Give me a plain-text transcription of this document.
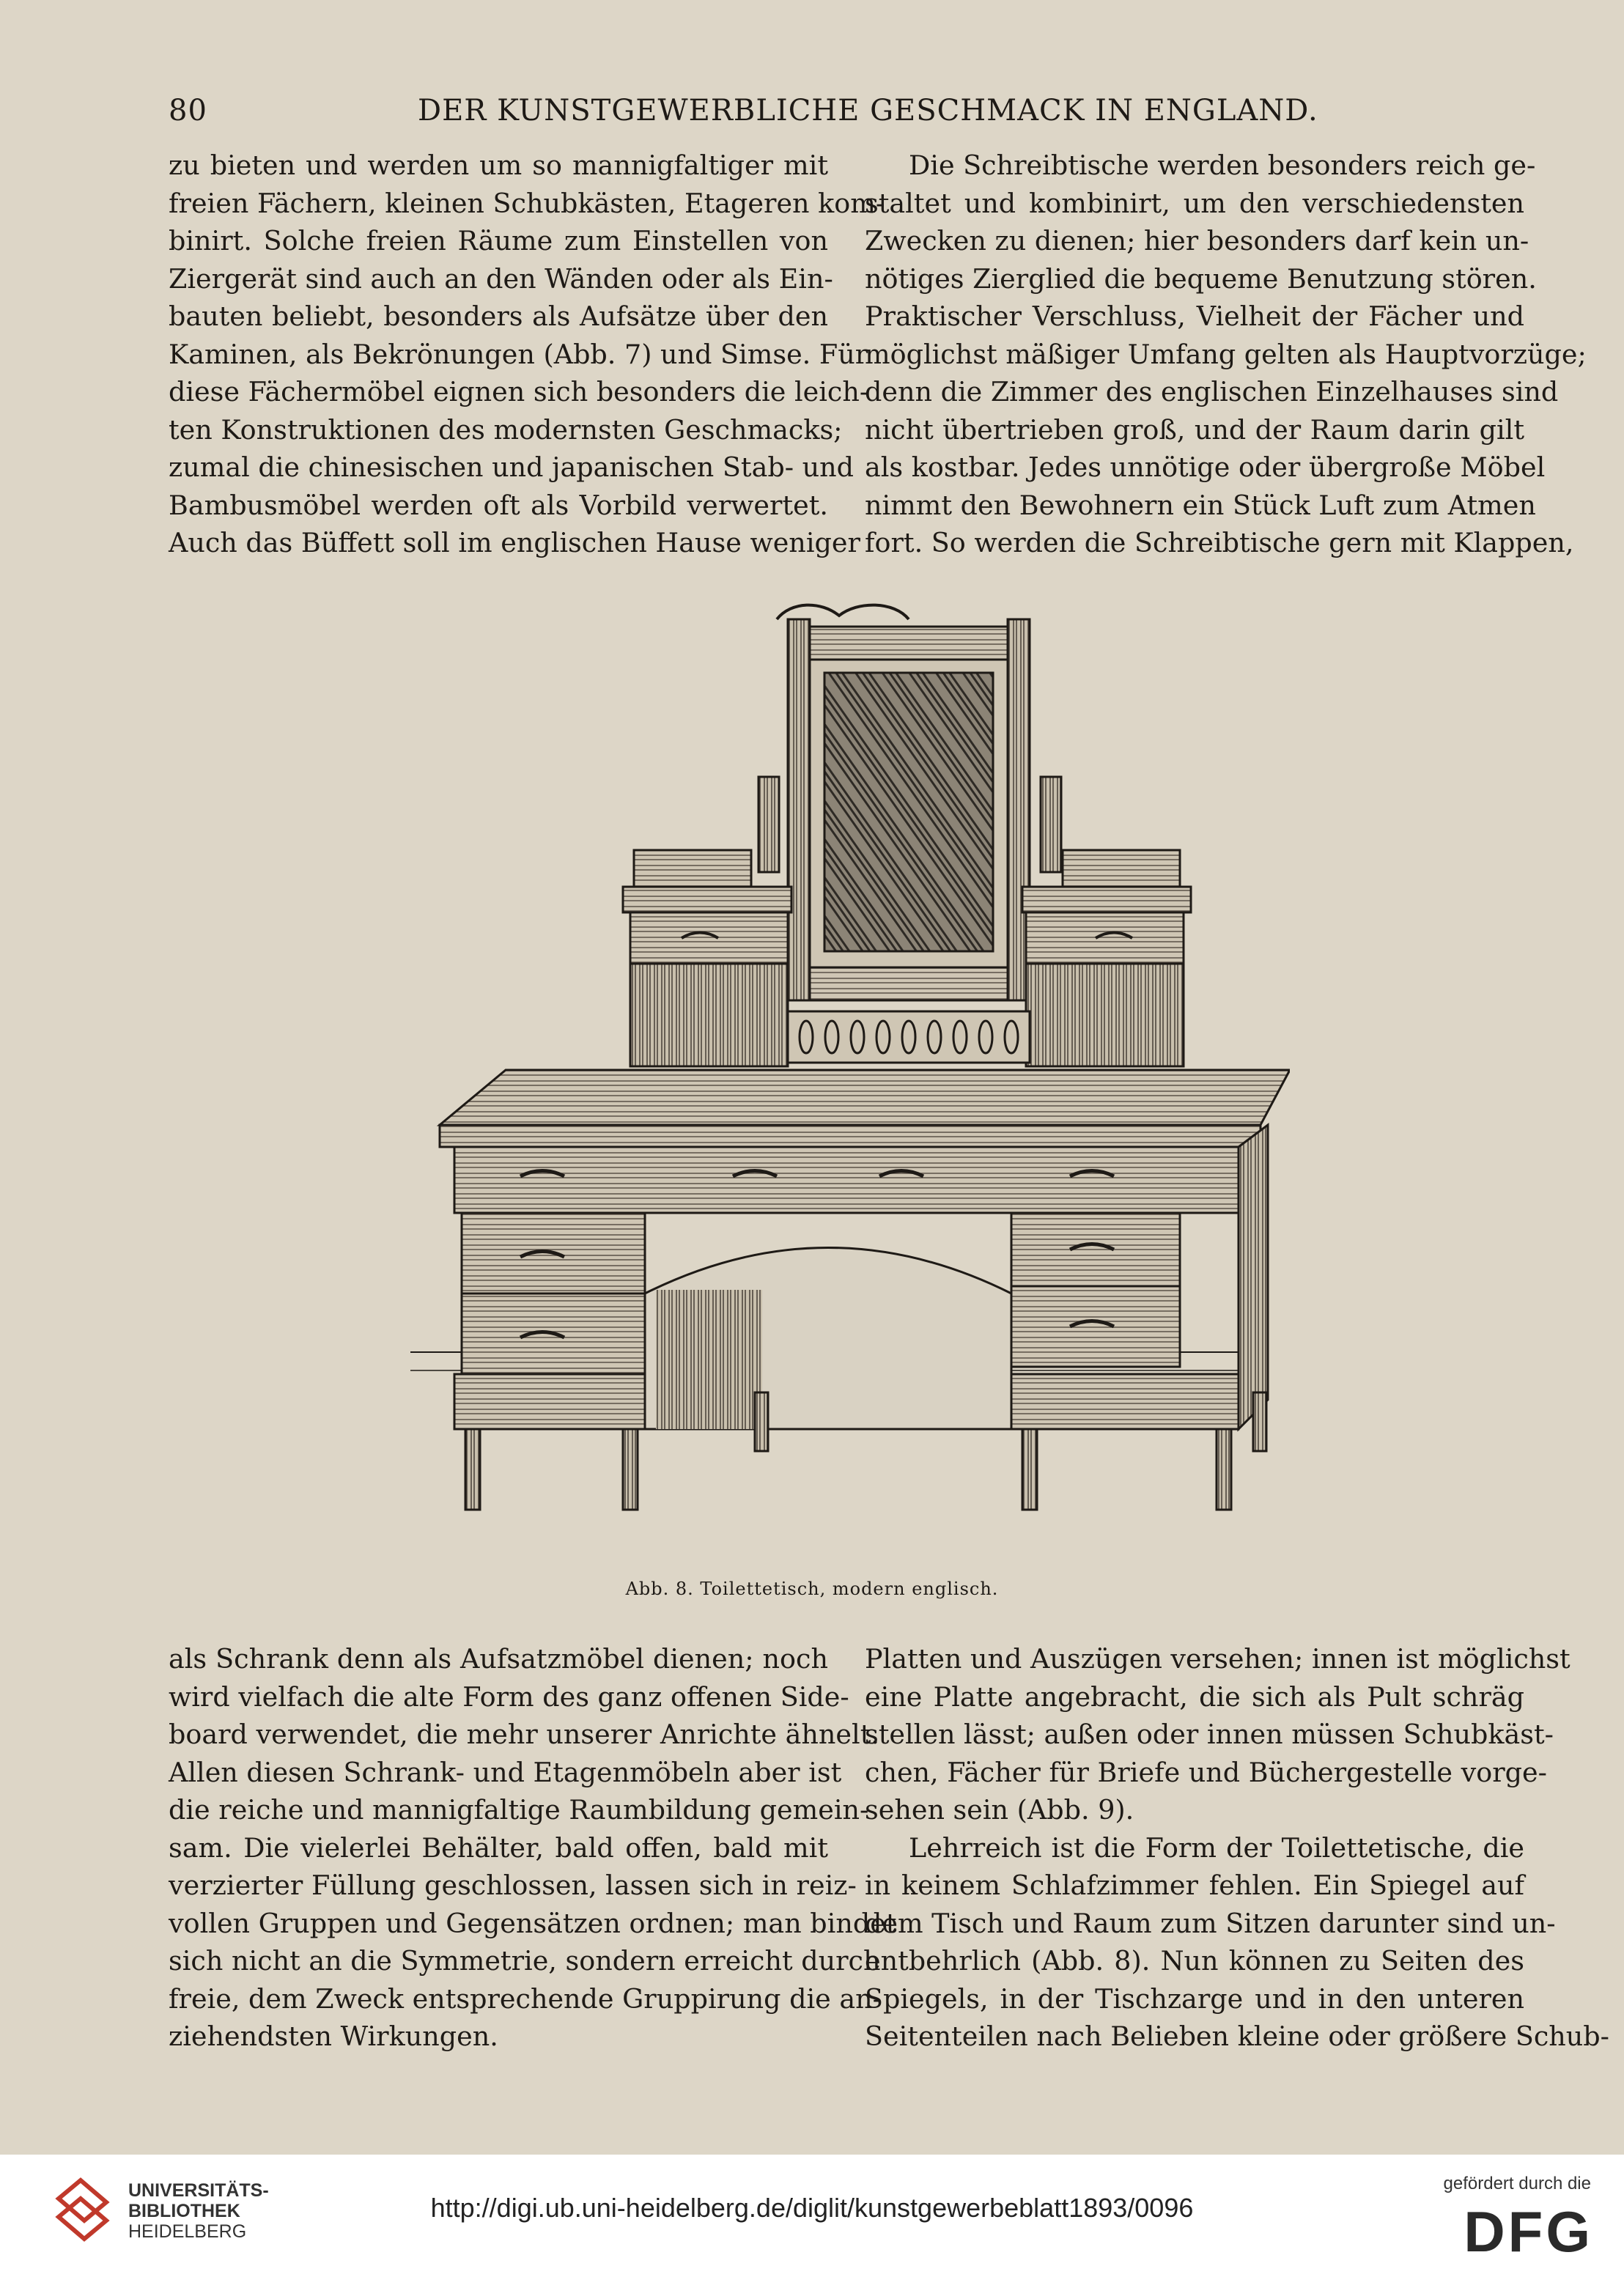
80	DER KUNSTGEWERBLICHE GESCHMACK IN ENGLAND.
zu bieten und werden um so mannigfaltiger mit
freien Fächern, kleinen Schubkästen, Etageren kom-
binirt. Solche freien Räume zum Einstellen von
Ziergerät sind auch an den Wänden oder als Ein-
bauten beliebt, besonders als Aufsätze über den
Kaminen, als Bekrönungen (Abb. 7) und Simse. Für
diese Fächermöbel eignen sich besonders die leich-
ten Konstruktionen des modernsten Geschmacks;
zumal die chinesischen und japanischen Stab- und
Bambusmöbel werden oft als Vorbild verwertet.
Auch das Büffett soll im englischen Hause weniger
Die Schreibtische werden besonders reich ge-
staltet und kombinirt, um den verschiedensten
Zwecken zu dienen; hier besonders darf kein un-
nötiges Zierglied die bequeme Benutzung stören.
Praktischer Verschluss, Vielheit der Fächer und
möglichst mäßiger Umfang gelten als Hauptvorzüge;
denn die Zimmer des englischen Einzelhauses sind
nicht übertrieben groß, und der Raum darin gilt
als kostbar. Jedes unnötige oder übergroße Möbel
nimmt den Bewohnern ein Stück Luft zum Atmen
fort. So werden die Schreibtische gern mit Klappen,
Abb. 8. Toilettetisch, modern englisch.
als Schrank denn als Aufsatzmöbel dienen; noch
wird vielfach die alte Form des ganz offenen Side-
board verwendet, die mehr unserer Anrichte ähnelt.
Allen diesen Schrank- und Etagenmöbeln aber ist
die reiche und mannigfaltige Raumbildung gemein-
sam. Die vielerlei Behälter, bald offen, bald mit
verzierter Füllung geschlossen, lassen sich in reiz-
vollen Gruppen und Gegensätzen ordnen; man bindet
sich nicht an die Symmetrie, sondern erreicht durch
freie, dem Zweck entsprechende Gruppirung die an-
ziehendsten Wirkungen.
Platten und Auszügen versehen; innen ist möglichst
eine Platte angebracht, die sich als Pult schräg
stellen lässt; außen oder innen müssen Schubkäst-
chen, Fächer für Briefe und Büchergestelle vorge-
sehen sein (Abb. 9).
Lehrreich ist die Form der Toilettetische, die
in keinem Schlafzimmer fehlen. Ein Spiegel auf
dem Tisch und Raum zum Sitzen darunter sind un-
entbehrlich (Abb. 8). Nun können zu Seiten des
Spiegels, in der Tischzarge und in den unteren
Seitenteilen nach Belieben kleine oder größere Schub-
UNIVERSITÄTS-
BIBLIOTHEK
HEIDELBERG
http://digi.ub.uni-heidelberg.de/diglit/kunstgewerbeblatt1893/0096
gefördert durch die
DFG
